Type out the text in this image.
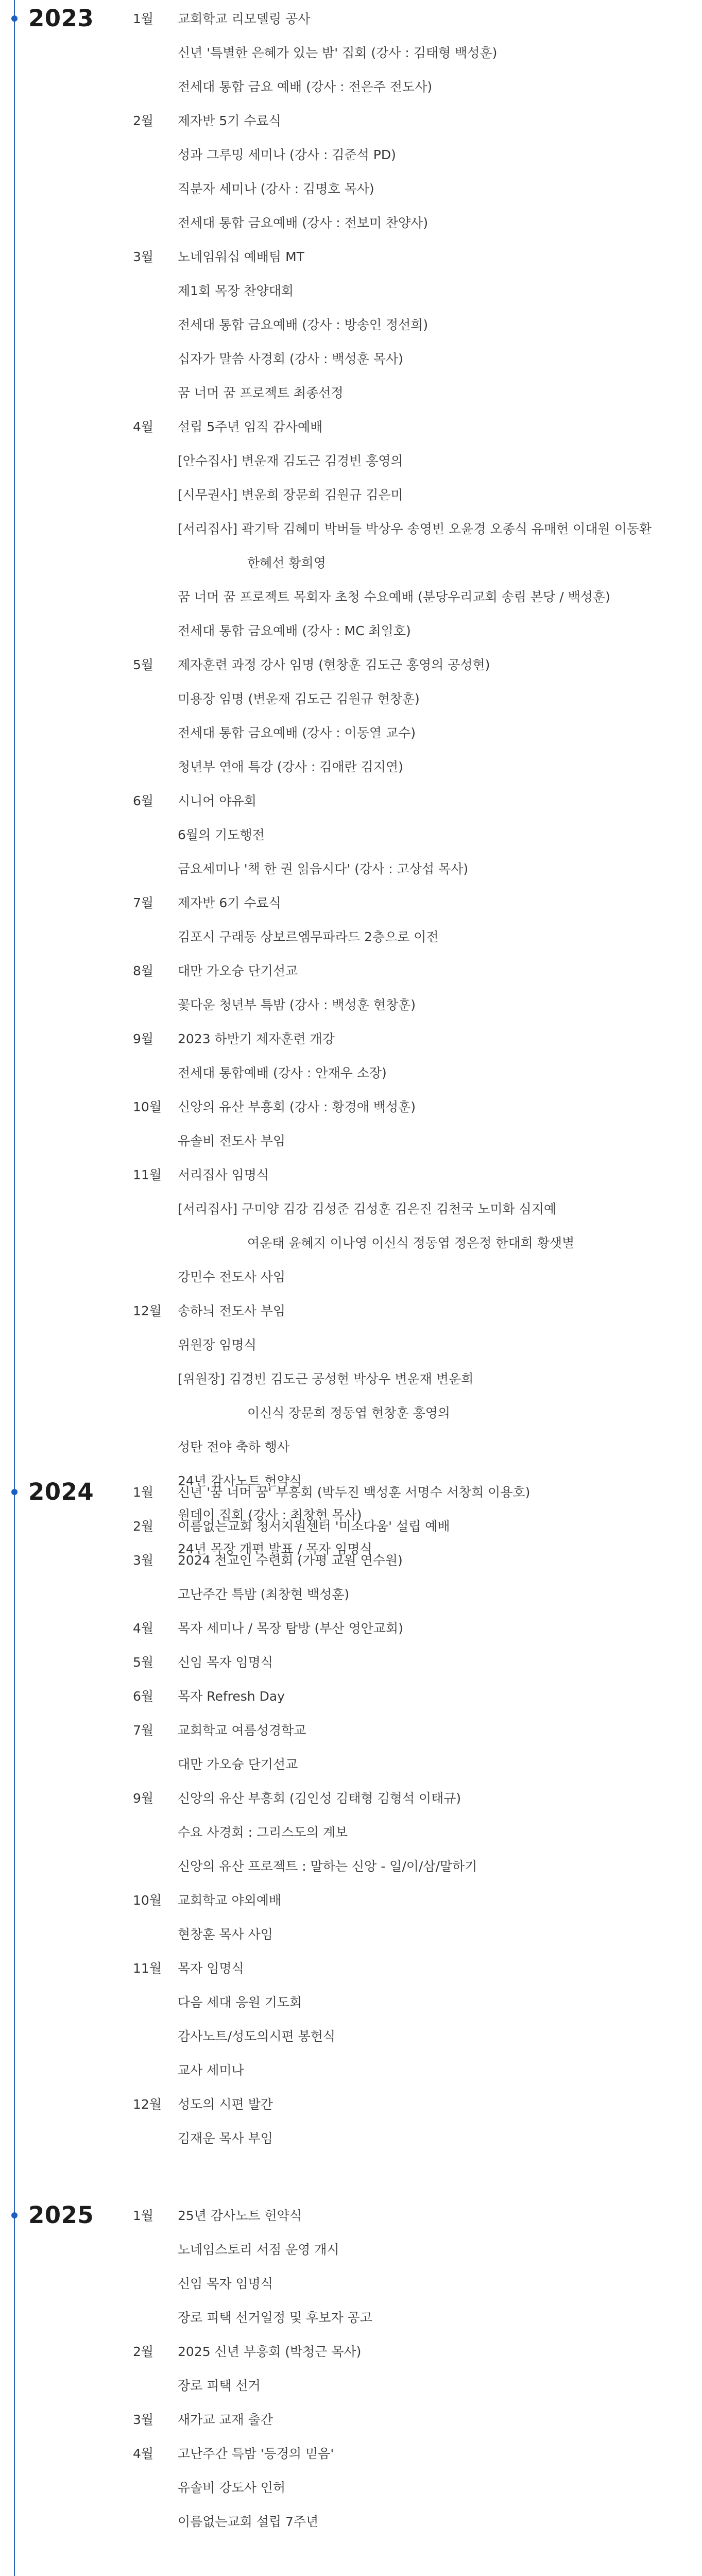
2023	1월	교회학교 리모델링 공사
신년 '특별한 은혜가 있는 밤' 집회 (강사 : 김태형 백성훈)
전세대 통합 금요 예배 (강사 : 전은주 전도사)
2월	제자반 5기 수료식
성과 그루밍 세미나 (강사 : 김준석 PD)
직분자 세미나 (강사 : 김명호 목사)
전세대 통합 금요예배 (강사 : 전보미 찬양사)
3월	노네임워십 예배팀 MT
제1회 목장 찬양대회
전세대 통합 금요예배 (강사 : 방송인 정선희)
십자가 말씀 사경회 (강사 : 백성훈 목사)
꿈 너머 꿈 프로젝트 최종선정
4월	설립 5주년 임직 감사예배
[안수집사] 변운재 김도근 김경빈 홍영의
[시무권사] 변운희 장문희 김원규 김은미
[서리집사] 곽기탁 김혜미 박버들 박상우 송영빈 오윤경 오종식 유매헌 이대원 이동환
한혜선 황희영
꿈 너머 꿈 프로젝트 목회자 초청 수요예배 (분당우리교회 송림 본당 / 백성훈)
전세대 통합 금요예배 (강사 : MC 최일호)
5월	제자훈련 과정 강사 임명 (현창훈 김도근 홍영의 공성현)
미용장 임명 (변운재 김도근 김원규 현창훈)
전세대 통합 금요예배 (강사 : 이동열 교수)
청년부 연애 특강 (강사 : 김애란 김지연)
6월	시니어 야유회
6월의 기도행전
금요세미나 '책 한 권 읽읍시다' (강사 : 고상섭 목사)
7월	제자반 6기 수료식
김포시 구래동 상보르엠무파라드 2층으로 이전
8월	대만 가오슝 단기선교
꽃다운 청년부 특밤 (강사 : 백성훈 현창훈)
9월	2023 하반기 제자훈련 개강
전세대 통합예배 (강사 : 안재우 소장)
10월 신앙의 유산 부흥회 (강사 : 황경애 백성훈)
유솔비 전도사 부임
11월 서리집사 임명식
[서리집사] 구미양 김강 김성준 김성훈 김은진 김천국 노미화 심지예
여운태 윤혜지 이나영 이신식 정동엽 정은정 한대희 황샛별
강민수 전도사 사임
12월 송하늬 전도사 부임
위원장 임명식
[위원장] 김경빈 김도근 공성현 박상우 변운재 변운희
이신식 장문희 정동엽 현창훈 홍영의
성탄 전야 축하 행사
24년 감사노트 헌약식
원데이 집회 (강사 : 최창현 목사)
24년 목장 개편 발표 / 목자 임명식
2024	1월	신년 '꿈 너머 꿈' 부흥회 (박두진 백성훈 서명수 서창희 이용호)
2월	이름없는교회 청서지원센터 '미소다움' 설립 예배
3월	2024 전교인 수련회 (가평 교원 연수원)
고난주간 특밤 (최창현 백성훈)
4월	목자 세미나 / 목장 탐방 (부산 영안교회)
5월	신임 목자 임명식
6월	목자 Refresh Day
7월	교회학교 여름성경학교
대만 가오슝 단기선교
9월	신앙의 유산 부흥회 (김인성 김태형 김형석 이태규)
수요 사경회 : 그리스도의 계보
신앙의 유산 프로젝트 : 말하는 신앙 - 일/이/삼/말하기
10월 교회학교 야외예배
현창훈 목사 사임
11월 목자 임명식
다음 세대 응원 기도회
감사노트/성도의시편 봉헌식
교사 세미나
12월 성도의 시편 발간
김재운 목사 부임
2025	1월	25년 감사노트 헌약식
노네임스토리 서점 운영 개시
신임 목자 임명식
장로 피택 선거일정 및 후보자 공고
2월	2025 신년 부흥회 (박청근 목사)
장로 피택 선거
3월	새가교 교재 출간
4월	고난주간 특밤 '등경의 믿음'
유솔비 강도사 인허
이름없는교회 설립 7주년
